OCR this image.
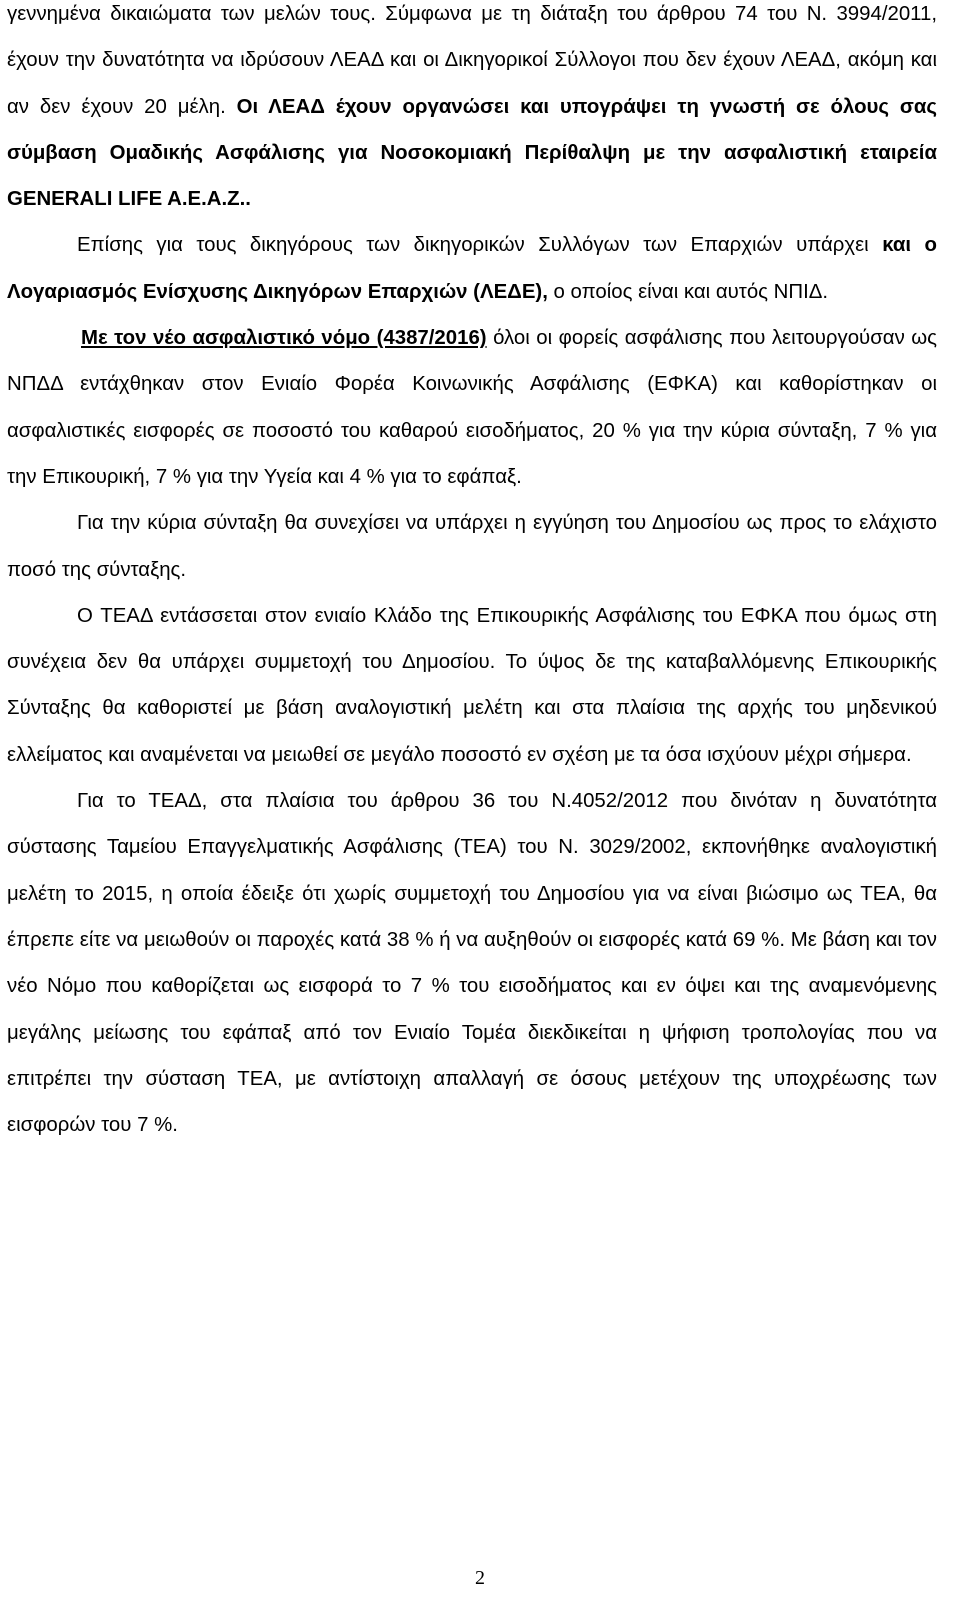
γεννημένα δικαιώματα των μελών τους. Σύμφωνα με τη διάταξη του άρθρου 74 του Ν. 3994/2011, έχουν την δυνατότητα να ιδρύσουν ΛΕΑΔ και οι Δικηγορικοί Σύλλογοι που δεν έχουν ΛΕΑΔ, ακόμη και αν δεν έχουν 20 μέλη. Οι ΛΕΑΔ έχουν οργανώσει και υπογράψει τη γνωστή σε όλους σας σύμβαση Ομαδικής Ασφάλισης για Νοσοκομιακή Περίθαλψη με την ασφαλιστική εταιρεία GENERALI LIFE A.E.A.Z..

Επίσης για τους δικηγόρους των δικηγορικών Συλλόγων των Επαρχιών υπάρχει και ο Λογαριασμός Ενίσχυσης Δικηγόρων Επαρχιών (ΛΕΔΕ), ο οποίος είναι και αυτός ΝΠΙΔ.

Με τον νέο ασφαλιστικό νόμο (4387/2016) όλοι οι φορείς ασφάλισης που λειτουργούσαν ως ΝΠΔΔ εντάχθηκαν στον Ενιαίο Φορέα Κοινωνικής Ασφάλισης (ΕΦΚΑ) και καθορίστηκαν οι ασφαλιστικές εισφορές σε ποσοστό του καθαρού εισοδήματος, 20 % για την κύρια σύνταξη, 7 % για την Επικουρική, 7 % για την Υγεία και 4 % για το εφάπαξ.

Για την κύρια σύνταξη θα συνεχίσει να υπάρχει η εγγύηση του Δημοσίου ως προς το ελάχιστο ποσό της σύνταξης.

Ο ΤΕΑΔ εντάσσεται στον ενιαίο Κλάδο της Επικουρικής Ασφάλισης του ΕΦΚΑ που όμως στη συνέχεια δεν θα υπάρχει συμμετοχή του Δημοσίου. Το ύψος δε της καταβαλλόμενης Επικουρικής Σύνταξης θα καθοριστεί με βάση αναλογιστική μελέτη και στα πλαίσια της αρχής του μηδενικού ελλείματος και αναμένεται να μειωθεί σε μεγάλο ποσοστό εν σχέση με τα όσα ισχύουν μέχρι σήμερα.

Για το ΤΕΑΔ, στα πλαίσια του άρθρου 36 του Ν.4052/2012 που δινόταν η δυνατότητα σύστασης Ταμείου Επαγγελματικής Ασφάλισης (ΤΕΑ) του Ν. 3029/2002, εκπονήθηκε αναλογιστική μελέτη το 2015, η οποία έδειξε ότι χωρίς συμμετοχή του Δημοσίου για να είναι βιώσιμο ως ΤΕΑ, θα έπρεπε είτε να μειωθούν οι παροχές κατά 38 % ή να αυξηθούν οι εισφορές κατά 69 %. Με βάση και τον νέο Νόμο που καθορίζεται ως εισφορά το 7 % του εισοδήματος και εν όψει και της αναμενόμενης μεγάλης μείωσης του εφάπαξ από τον Ενιαίο Τομέα διεκδικείται η ψήφιση τροπολογίας που να επιτρέπει την σύσταση ΤΕΑ, με αντίστοιχη απαλλαγή σε όσους μετέχουν της υποχρέωσης των εισφορών του 7 %.

2
